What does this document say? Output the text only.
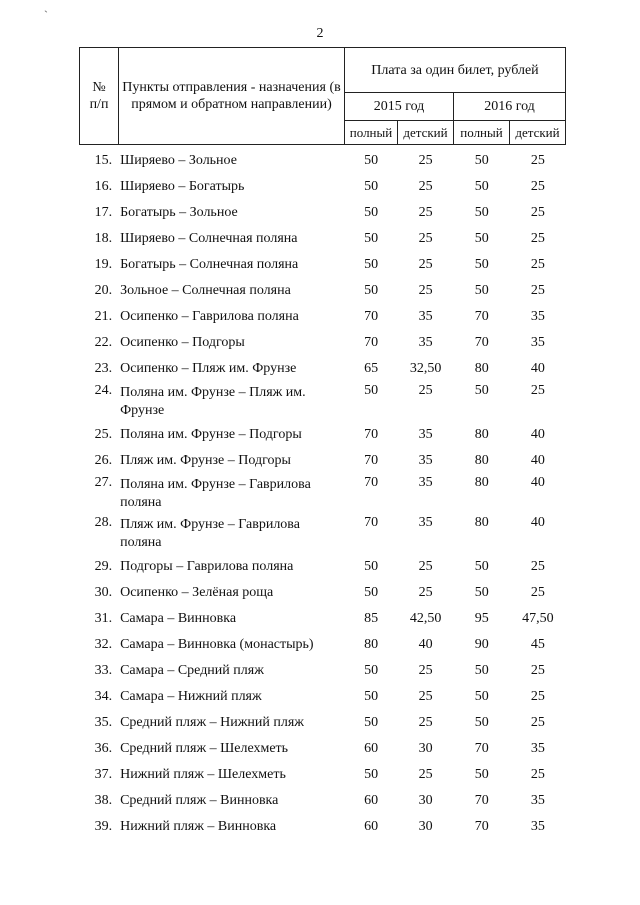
`
2
№
п/п	Пункты отправления - назначения (в прямом и обратном направлении)	Плата за один билет, рублей			
		2015 год		2016 год	
		полный	детский	полный	детский
15.	Ширяево – Зольное	50	25	50	25
16.	Ширяево – Богатырь	50	25	50	25
17.	Богатырь – Зольное	50	25	50	25
18.	Ширяево – Солнечная поляна	50	25	50	25
19.	Богатырь – Солнечная поляна	50	25	50	25
20.	Зольное – Солнечная поляна	50	25	50	25
21.	Осипенко – Гаврилова поляна	70	35	70	35
22.	Осипенко – Подгоры	70	35	70	35
23.	Осипенко – Пляж им. Фрунзе	65	32,50	80	40
24.	Поляна им. Фрунзе – Пляж им. Фрунзе	50	25	50	25
25.	Поляна им. Фрунзе – Подгоры	70	35	80	40
26.	Пляж им. Фрунзе – Подгоры	70	35	80	40
27.	Поляна им. Фрунзе – Гаврилова поляна	70	35	80	40
28.	Пляж им. Фрунзе – Гаврилова поляна	70	35	80	40
29.	Подгоры – Гаврилова поляна	50	25	50	25
30.	Осипенко – Зелёная роща	50	25	50	25
31.	Самара – Винновка	85	42,50	95	47,50
32.	Самара – Винновка (монастырь)	80	40	90	45
33.	Самара – Средний пляж	50	25	50	25
34.	Самара – Нижний пляж	50	25	50	25
35.	Средний пляж – Нижний пляж	50	25	50	25
36.	Средний пляж – Шелехметь	60	30	70	35
37.	Нижний пляж – Шелехметь	50	25	50	25
38.	Средний пляж – Винновка	60	30	70	35
39.	Нижний пляж – Винновка	60	30	70	35
